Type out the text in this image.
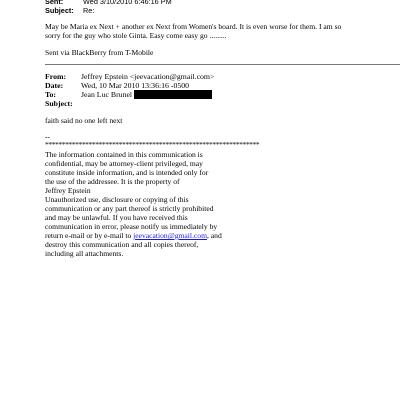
Sent:	Wed 3/10/2010 6:46:16 PM
Subject: Re:
May be Maria ex Next + another ex Next from Women's board. It is even worse for them. I am so
sorry for the guy who stole Ginta. Easy come easy go .........
Sent via BlackBerry from T-Mobile
From: Jeffrey Epstein <jeevacation@gmail.com>
Date: Wed, 10 Mar 2010 13:36:16 -0500
To:	Jean Luc Brunel
Subject:
faith said no one left next
--
****************************************************************
The information contained in this communication is
confidential, may be attorney-client privileged, may
constitute inside information, and is intended only for
the use of the addressee. It is the property of
Jeffrey Epstein
Unauthorized use, disclosure or copying of this
communication or any part thereof is strictly prohibited
and may be unlawful. If you have received this
communication in error, please notify us immediately by
return e-mail or by e-mail to jeevacation@gmail.com, and
destroy this communication and all copies thereof,
including all attachments.
